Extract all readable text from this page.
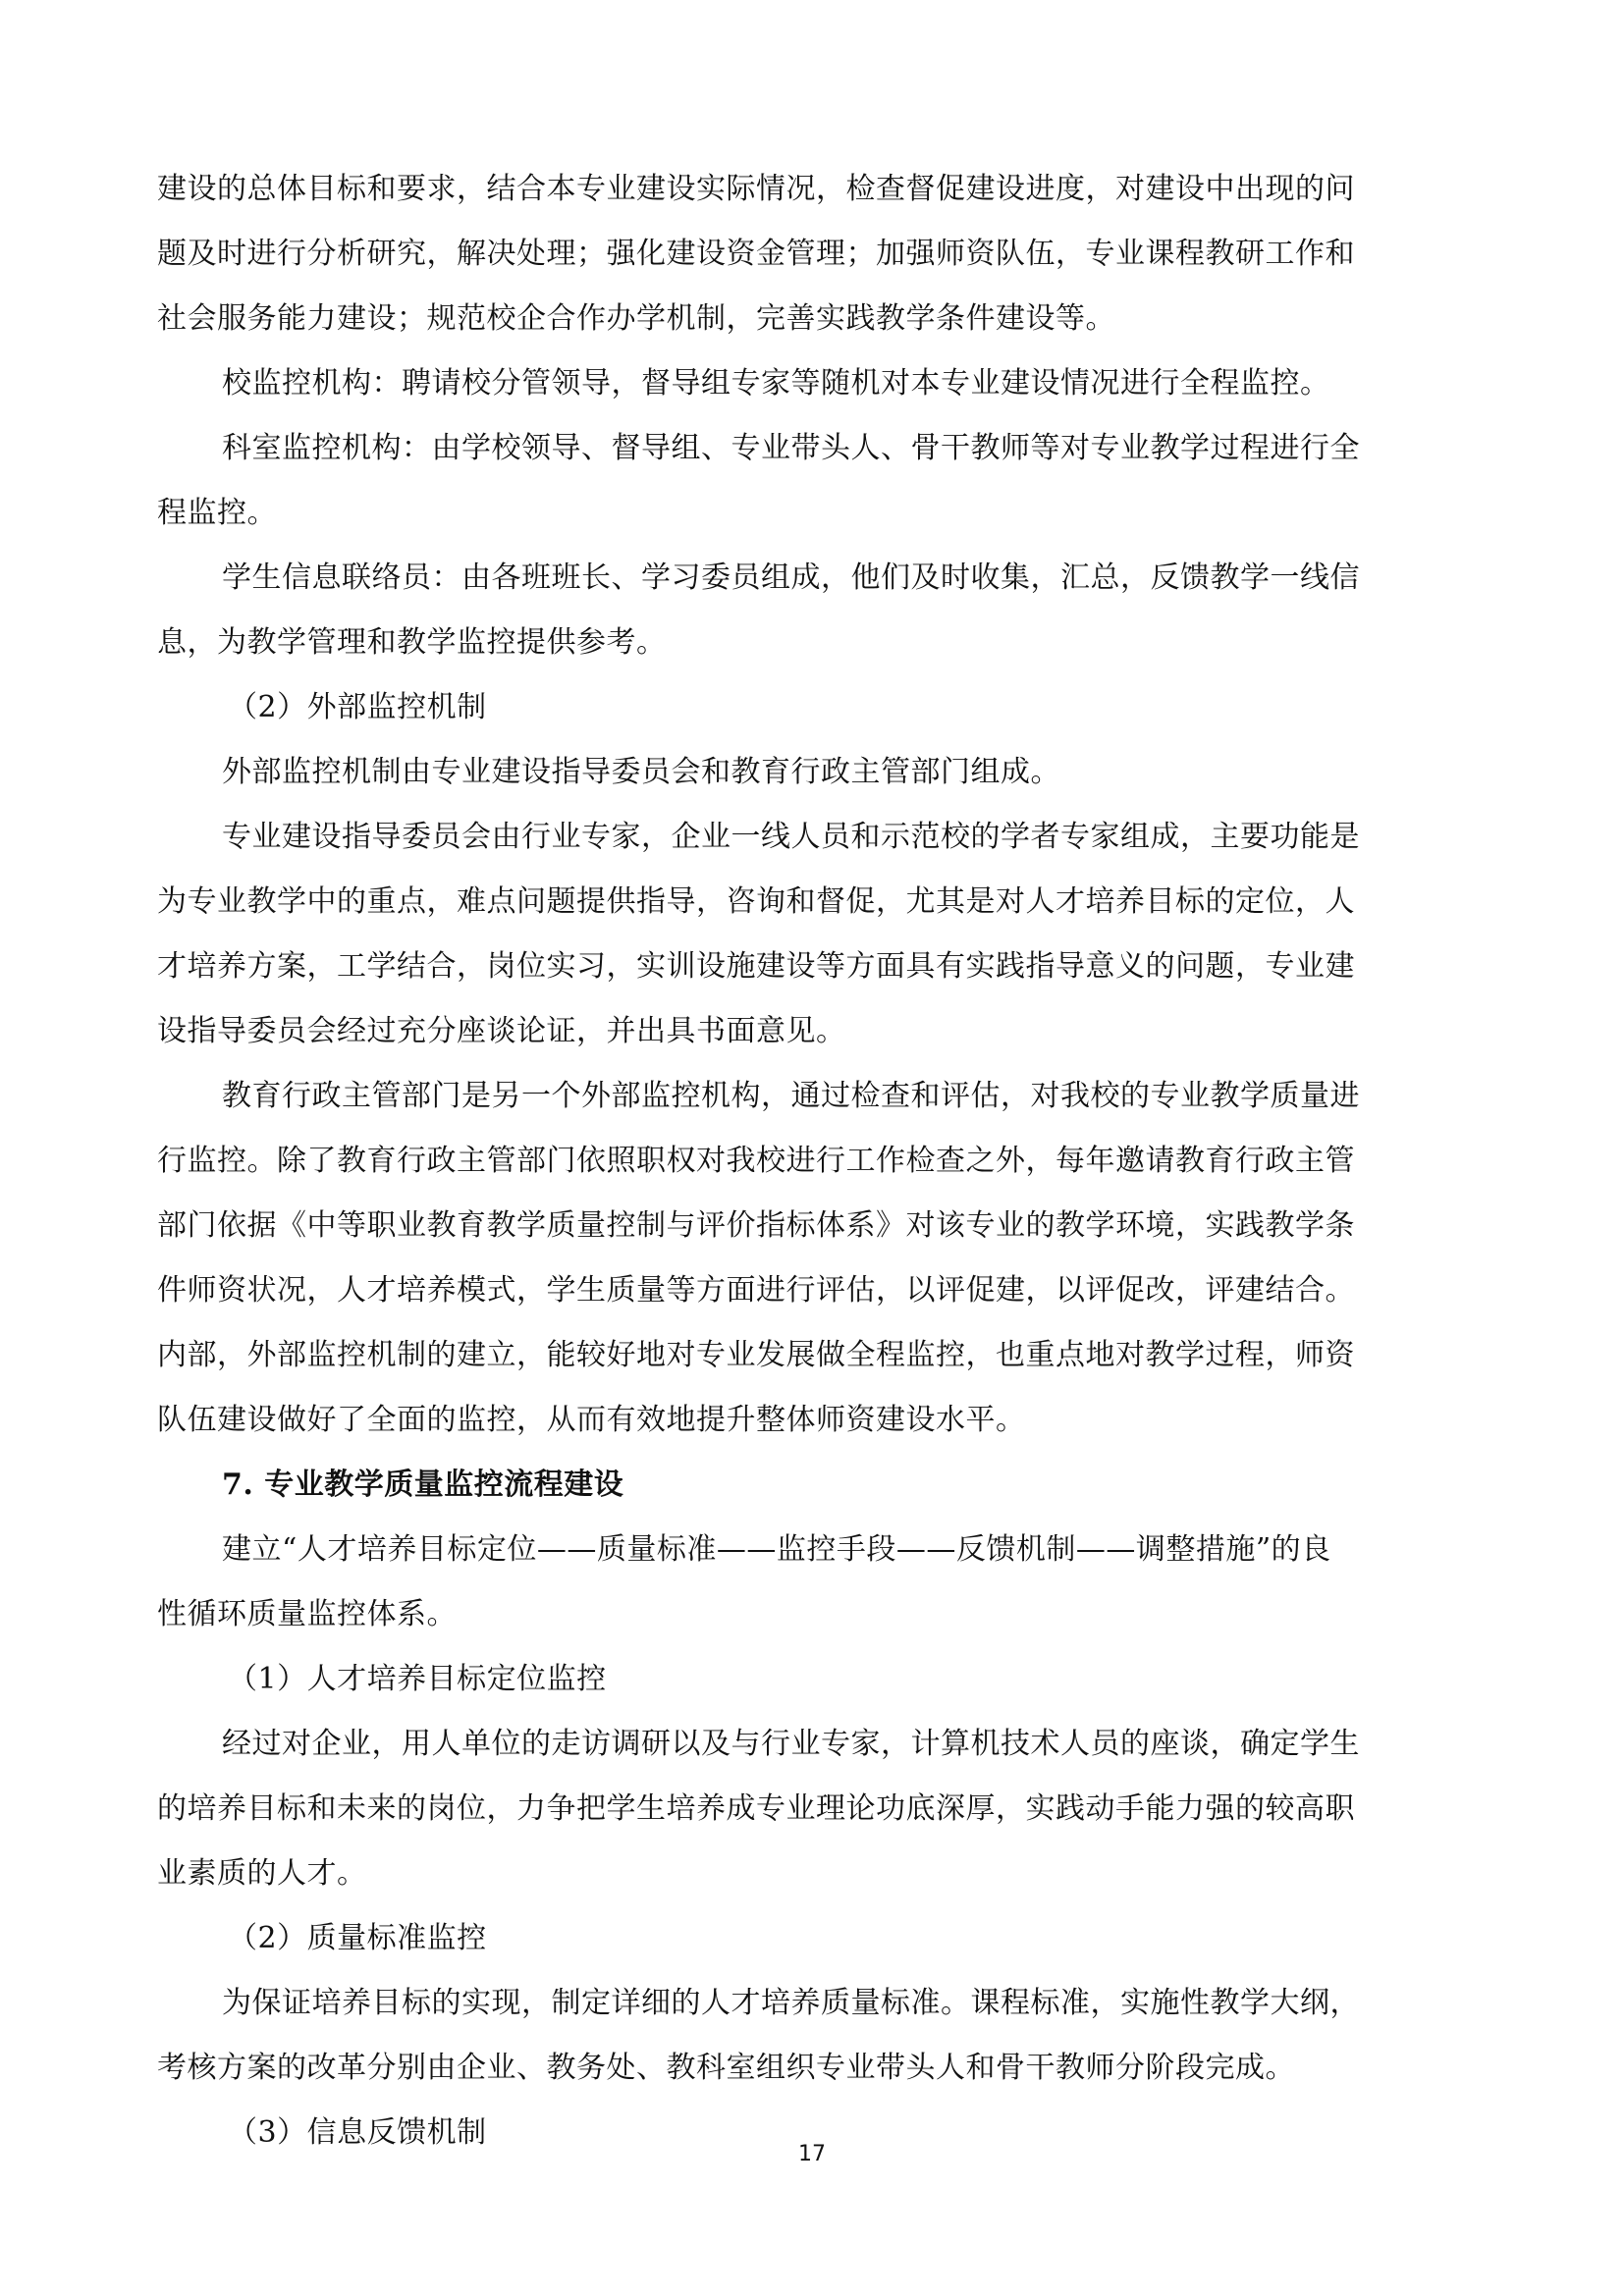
建设的总体目标和要求，结合本专业建设实际情况，检查督促建设进度，对建设中出现的问
题及时进行分析研究，解决处理；强化建设资金管理；加强师资队伍，专业课程教研工作和
社会服务能力建设；规范校企合作办学机制，完善实践教学条件建设等。
校监控机构：聘请校分管领导，督导组专家等随机对本专业建设情况进行全程监控。
科室监控机构：由学校领导、督导组、专业带头人、骨干教师等对专业教学过程进行全
程监控。
学生信息联络员：由各班班长、学习委员组成，他们及时收集，汇总，反馈教学一线信
息，为教学管理和教学监控提供参考。
（2）外部监控机制
外部监控机制由专业建设指导委员会和教育行政主管部门组成。
专业建设指导委员会由行业专家，企业一线人员和示范校的学者专家组成，主要功能是
为专业教学中的重点，难点问题提供指导，咨询和督促，尤其是对人才培养目标的定位，人
才培养方案，工学结合，岗位实习，实训设施建设等方面具有实践指导意义的问题，专业建
设指导委员会经过充分座谈论证，并出具书面意见。
教育行政主管部门是另一个外部监控机构，通过检查和评估，对我校的专业教学质量进
行监控。除了教育行政主管部门依照职权对我校进行工作检查之外，每年邀请教育行政主管
部门依据《中等职业教育教学质量控制与评价指标体系》对该专业的教学环境，实践教学条
件师资状况，人才培养模式，学生质量等方面进行评估，以评促建，以评促改，评建结合。
内部，外部监控机制的建立，能较好地对专业发展做全程监控，也重点地对教学过程，师资
队伍建设做好了全面的监控，从而有效地提升整体师资建设水平。
7. 专业教学质量监控流程建设
建立“人才培养目标定位——质量标准——监控手段——反馈机制——调整措施”的良
性循环质量监控体系。
（1）人才培养目标定位监控
经过对企业，用人单位的走访调研以及与行业专家，计算机技术人员的座谈，确定学生
的培养目标和未来的岗位，力争把学生培养成专业理论功底深厚，实践动手能力强的较高职
业素质的人才。
（2）质量标准监控
为保证培养目标的实现，制定详细的人才培养质量标准。课程标准，实施性教学大纲，
考核方案的改革分别由企业、教务处、教科室组织专业带头人和骨干教师分阶段完成。
（3）信息反馈机制
17
